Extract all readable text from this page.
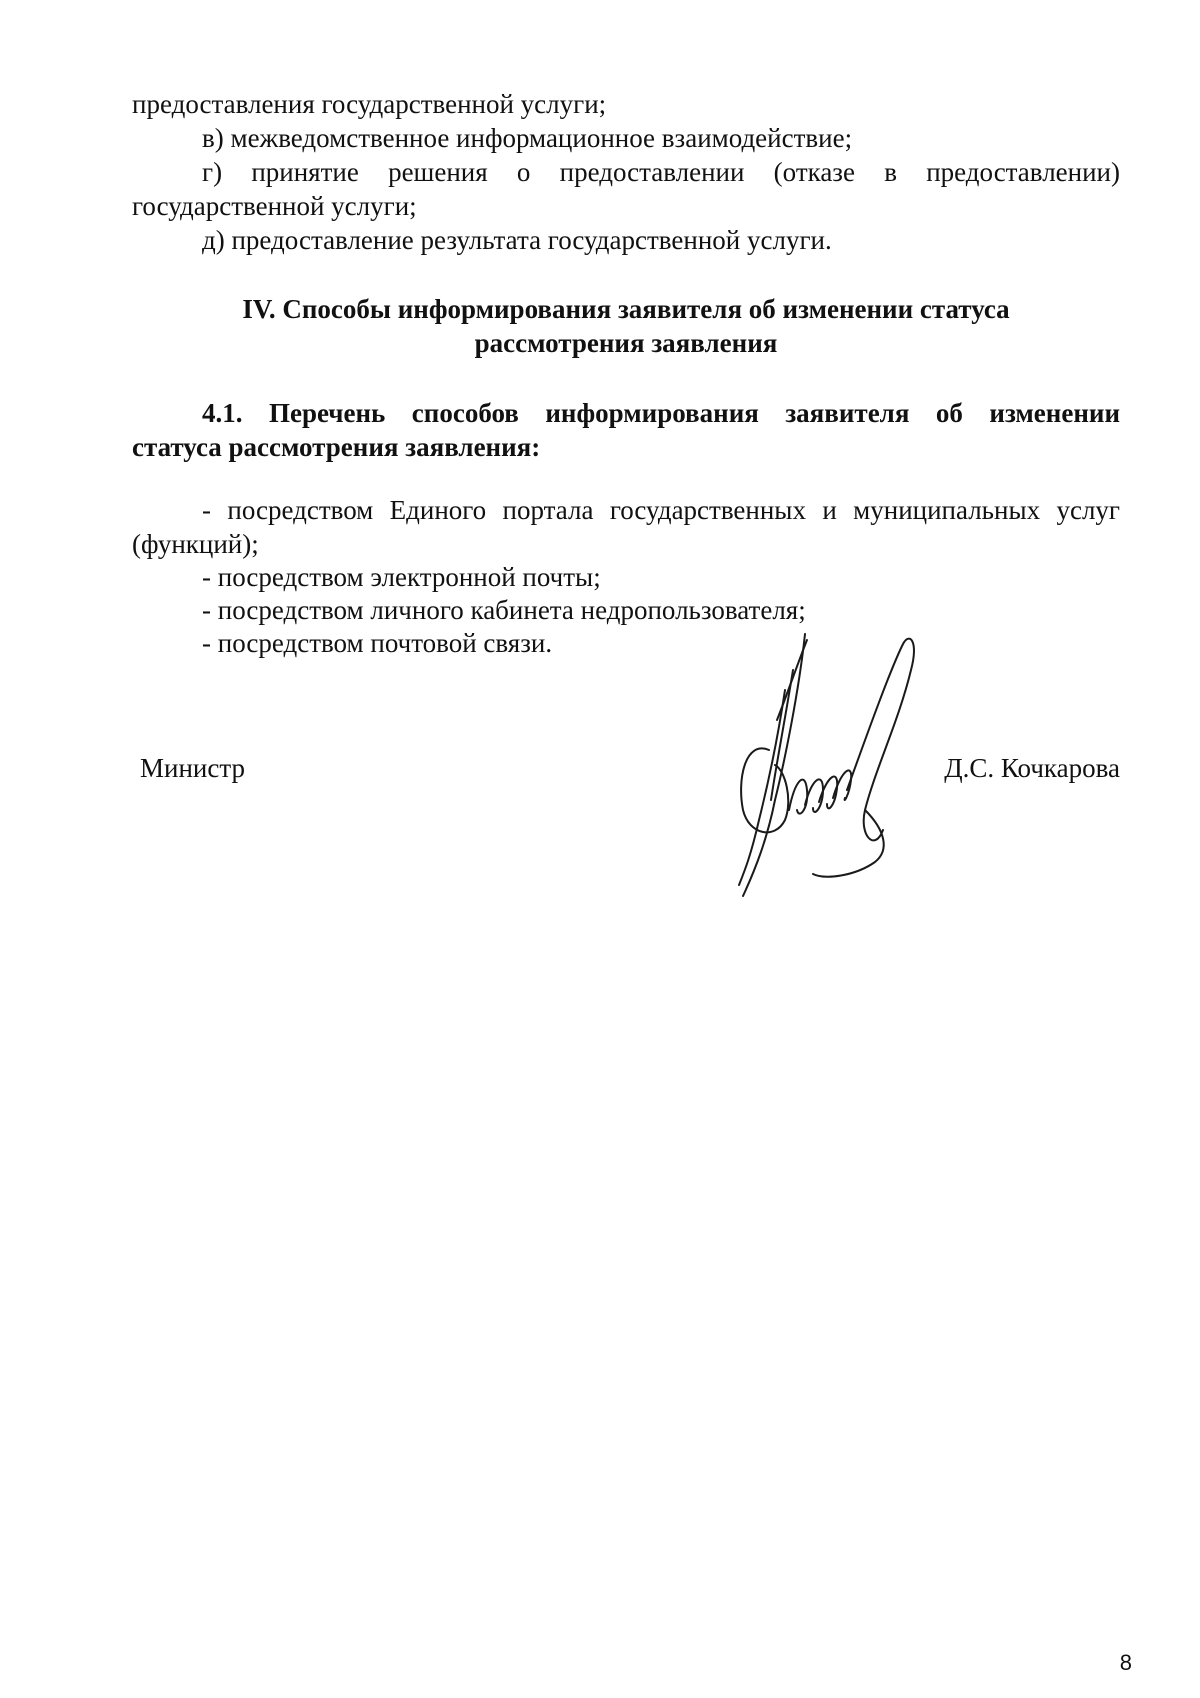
предоставления государственной услуги;
в) межведомственное информационное взаимодействие;
г) принятие решения о предоставлении (отказе в предоставлении)
государственной услуги;
д) предоставление результата государственной услуги.
IV. Способы информирования заявителя об изменении статуса
рассмотрения заявления
4.1. Перечень способов информирования заявителя об изменении
статуса рассмотрения заявления:
- посредством Единого портала государственных и муниципальных услуг
(функций);
- посредством электронной почты;
- посредством личного кабинета недропользователя;
- посредством почтовой связи.
Министр	Д.С. Кочкарова
8
